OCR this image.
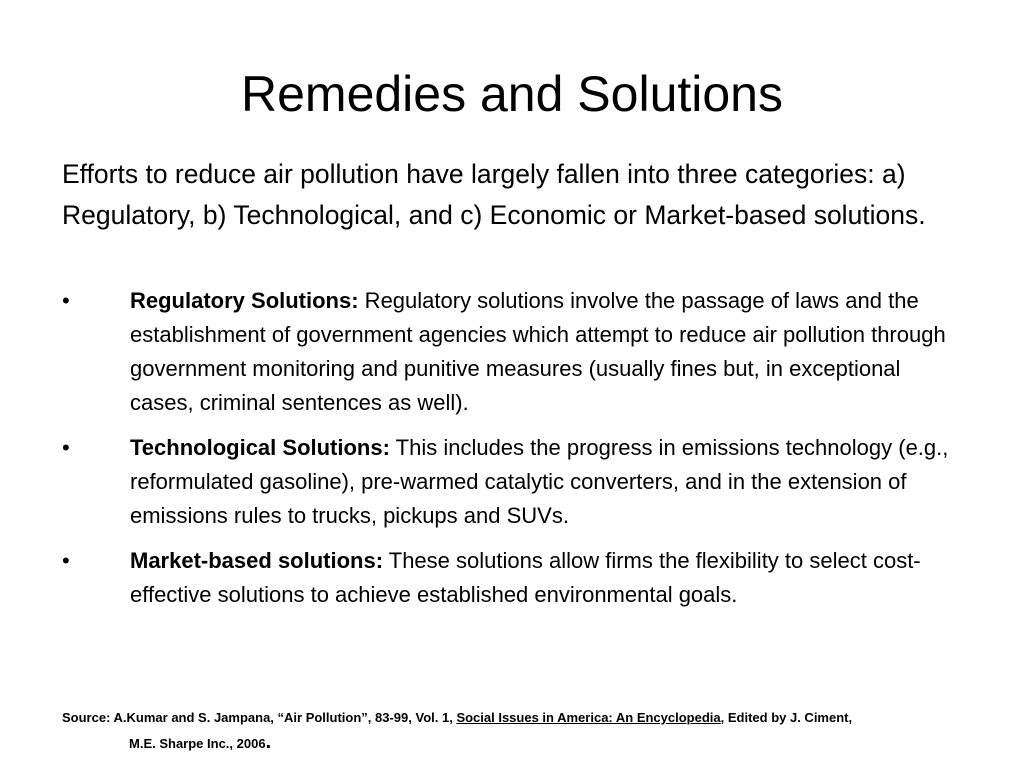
Remedies and Solutions

Efforts to reduce air pollution have largely fallen into three categories: a) Regulatory, b) Technological, and c) Economic or Market-based solutions.

•	Regulatory Solutions: Regulatory solutions involve the passage of laws and the establishment of government agencies which attempt to reduce air pollution through government monitoring and punitive measures (usually fines but, in exceptional cases, criminal sentences as well).
•	Technological Solutions: This includes the progress in emissions technology (e.g., reformulated gasoline), pre-warmed catalytic converters, and in the extension of emissions rules to trucks, pickups and SUVs.
•	Market-based solutions: These solutions allow firms the flexibility to select cost-effective solutions to achieve established environmental goals.

Source: A.Kumar and S. Jampana, “Air Pollution”, 83-99, Vol. 1, Social Issues in America: An Encyclopedia, Edited by J. Ciment,
M.E. Sharpe Inc., 2006.
